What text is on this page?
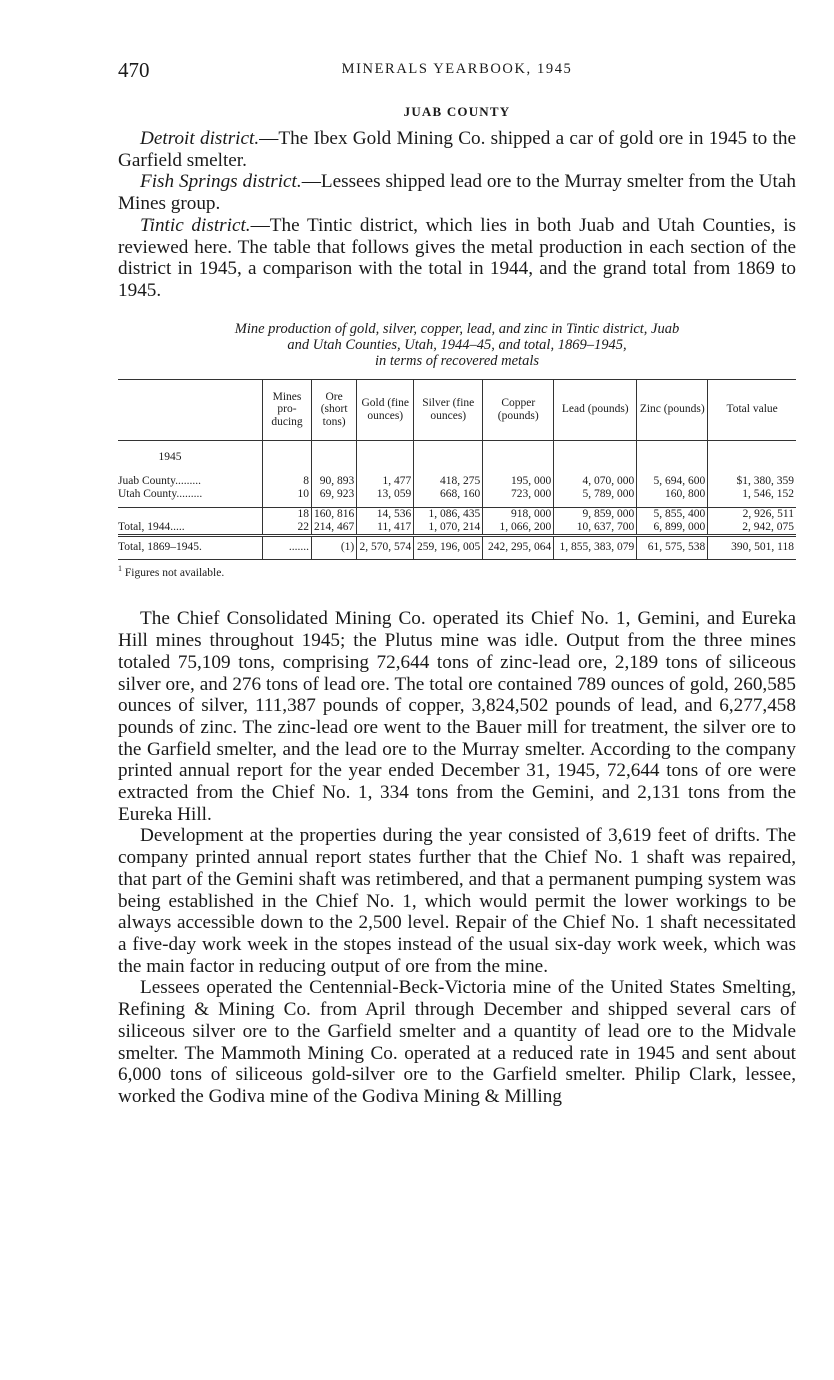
470	MINERALS YEARBOOK, 1945
JUAB COUNTY

Detroit district.—The Ibex Gold Mining Co. shipped a car of gold ore in 1945 to the Garfield smelter.

Fish Springs district.—Lessees shipped lead ore to the Murray smelter from the Utah Mines group.

Tintic district.—The Tintic district, which lies in both Juab and Utah Counties, is reviewed here. The table that follows gives the metal production in each section of the district in 1945, a comparison with the total in 1944, and the grand total from 1869 to 1945.

Mine production of gold, silver, copper, lead, and zinc in Tintic district, Juab
and Utah Counties, Utah, 1944–45, and total, 1869–1945,
in terms of recovered metals
	Mines pro- ducing	Ore (short tons)	Gold (fine ounces)	Silver (fine ounces)	Copper (pounds)	Lead (pounds)	Zinc (pounds)	Total value
1945								
Juab County.........	8	90, 893	1, 477	418, 275	195, 000	4, 070, 000	5, 694, 600	$1, 380, 359
Utah County.........	10	69, 923	13, 059	668, 160	723, 000	5, 789, 000	160, 800	1, 546, 152

	18	160, 816	14, 536	1, 086, 435	918, 000	9, 859, 000	5, 855, 400	2, 926, 511
Total, 1944.....	22	214, 467	11, 417	1, 070, 214	1, 066, 200	10, 637, 700	6, 899, 000	2, 942, 075
Total, 1869–1945.	.......	(1)	2, 570, 574	259, 196, 005	242, 295, 064	1, 855, 383, 079	61, 575, 538	390, 501, 118

$^1$ Figures not available.

The Chief Consolidated Mining Co. operated its Chief No. 1, Gemini, and Eureka Hill mines throughout 1945; the Plutus mine was idle. Output from the three mines totaled 75,109 tons, comprising 72,644 tons of zinc-lead ore, 2,189 tons of siliceous silver ore, and 276 tons of lead ore. The total ore contained 789 ounces of gold, 260,585 ounces of silver, 111,387 pounds of copper, 3,824,502 pounds of lead, and 6,277,458 pounds of zinc. The zinc-lead ore went to the Bauer mill for treatment, the silver ore to the Garfield smelter, and the lead ore to the Murray smelter. According to the company printed annual report for the year ended December 31, 1945, 72,644 tons of ore were extracted from the Chief No. 1, 334 tons from the Gemini, and 2,131 tons from the Eureka Hill.

Development at the properties during the year consisted of 3,619 feet of drifts. The company printed annual report states further that the Chief No. 1 shaft was repaired, that part of the Gemini shaft was retimbered, and that a permanent pumping system was being established in the Chief No. 1, which would permit the lower workings to be always accessible down to the 2,500 level. Repair of the Chief No. 1 shaft necessitated a five-day work week in the stopes instead of the usual six-day work week, which was the main factor in reducing output of ore from the mine.

Lessees operated the Centennial-Beck-Victoria mine of the United States Smelting, Refining & Mining Co. from April through December and shipped several cars of siliceous silver ore to the Garfield smelter and a quantity of lead ore to the Midvale smelter. The Mammoth Mining Co. operated at a reduced rate in 1945 and sent about 6,000 tons of siliceous gold-silver ore to the Garfield smelter. Philip Clark, lessee, worked the Godiva mine of the Godiva Mining & Milling
